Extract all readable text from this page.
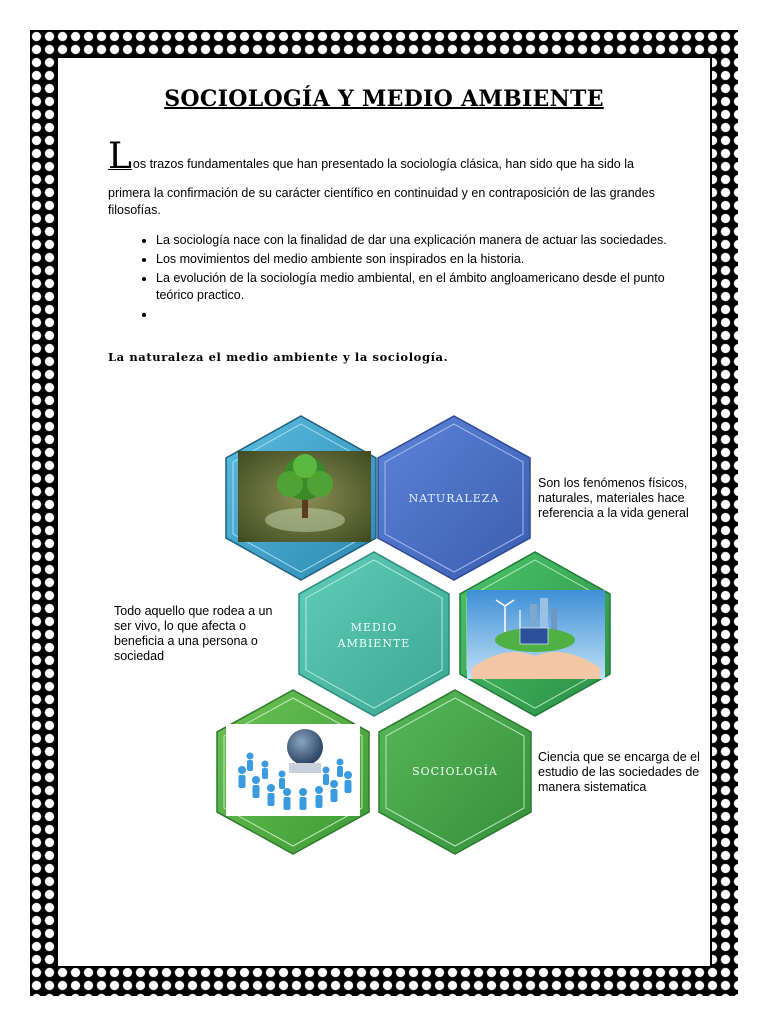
SOCIOLOGÍA Y MEDIO AMBIENTE
L os trazos fundamentales que han presentado la sociología clásica, han sido que ha sido la
primera la confirmación de su carácter científico en continuidad y en contraposición de las grandes filosofías.
• La sociología nace con la finalidad de dar una explicación manera de actuar las sociedades.
• Los movimientos del medio ambiente son inspirados en la historia.
• La evolución de la sociología medio ambiental, en el ámbito angloamericano desde el punto teórico practico.
•
La naturaleza el medio ambiente y la sociología.
NATURALEZA
MEDIO
AMBIENTE
SOCIOLOGÍA
Son los fenómenos físicos, naturales, materiales hace referencia a la vida general
Todo aquello que rodea a un ser vivo, lo que afecta o beneficia a una persona o sociedad
Ciencia que se encarga de el estudio de las sociedades de manera sistematica
